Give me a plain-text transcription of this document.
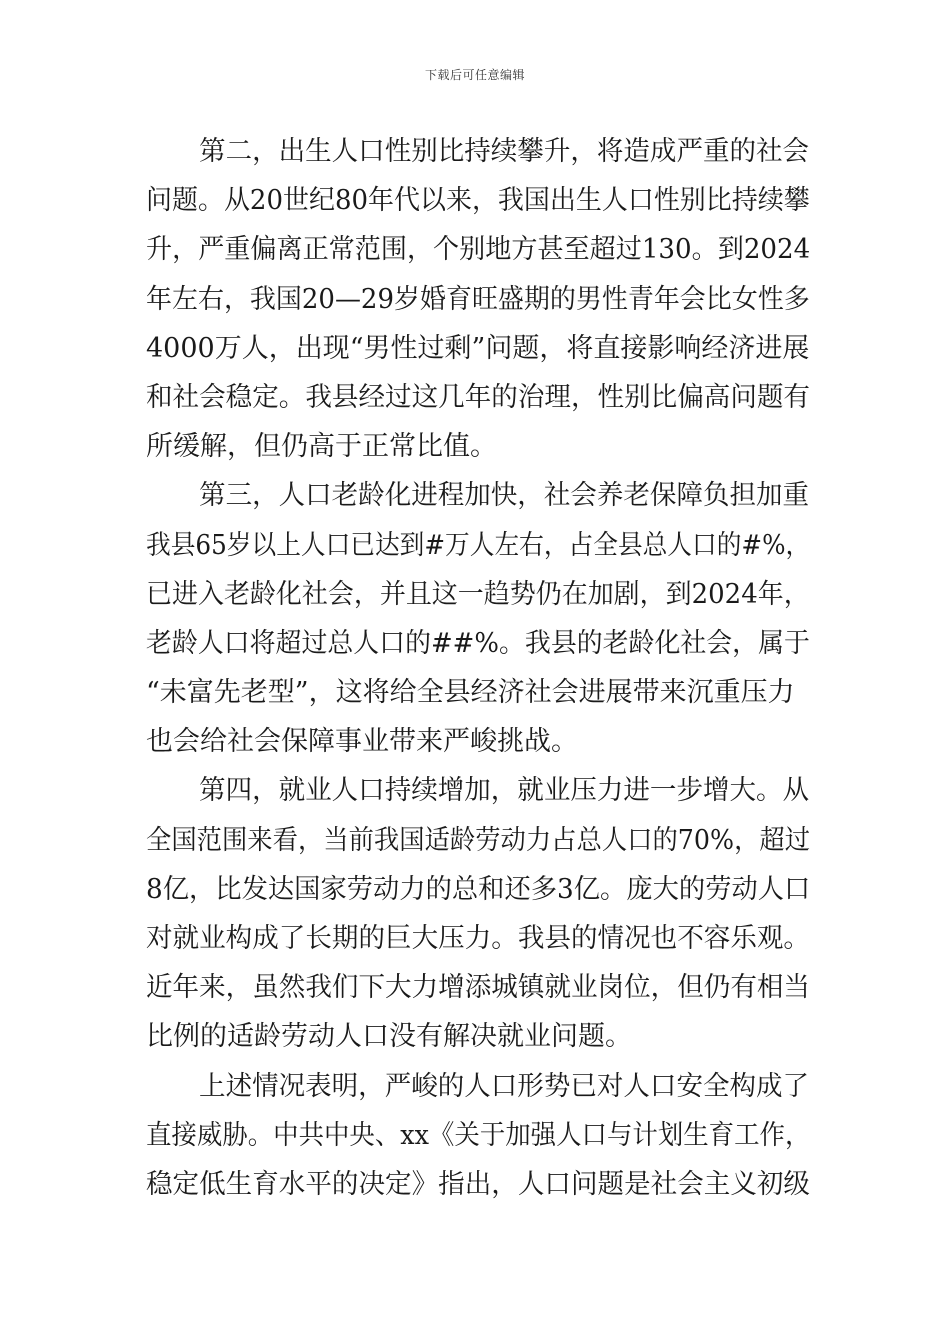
下载后可任意编辑
第二，出生人口性别比持续攀升，将造成严重的社会
问题。从20世纪80年代以来，我国出生人口性别比持续攀
升，严重偏离正常范围，个别地方甚至超过130。到2024
年左右，我国20—29岁婚育旺盛期的男性青年会比女性多
4000万人，出现“男性过剩”问题，将直接影响经济进展
和社会稳定。我县经过这几年的治理，性别比偏高问题有
所缓解，但仍高于正常比值。
第三，人口老龄化进程加快，社会养老保障负担加重
我县65岁以上人口已达到#万人左右，占全县总人口的#%，
已进入老龄化社会，并且这一趋势仍在加剧，到2024年，
老龄人口将超过总人口的##%。我县的老龄化社会，属于
“未富先老型”，这将给全县经济社会进展带来沉重压力
也会给社会保障事业带来严峻挑战。
第四，就业人口持续增加，就业压力进一步增大。从
全国范围来看，当前我国适龄劳动力占总人口的70%，超过
8亿，比发达国家劳动力的总和还多3亿。庞大的劳动人口
对就业构成了长期的巨大压力。我县的情况也不容乐观。
近年来，虽然我们下大力增添城镇就业岗位，但仍有相当
比例的适龄劳动人口没有解决就业问题。
上述情况表明，严峻的人口形势已对人口安全构成了
直接威胁。中共中央、xx《关于加强人口与计划生育工作，
稳定低生育水平的决定》指出，人口问题是社会主义初级
